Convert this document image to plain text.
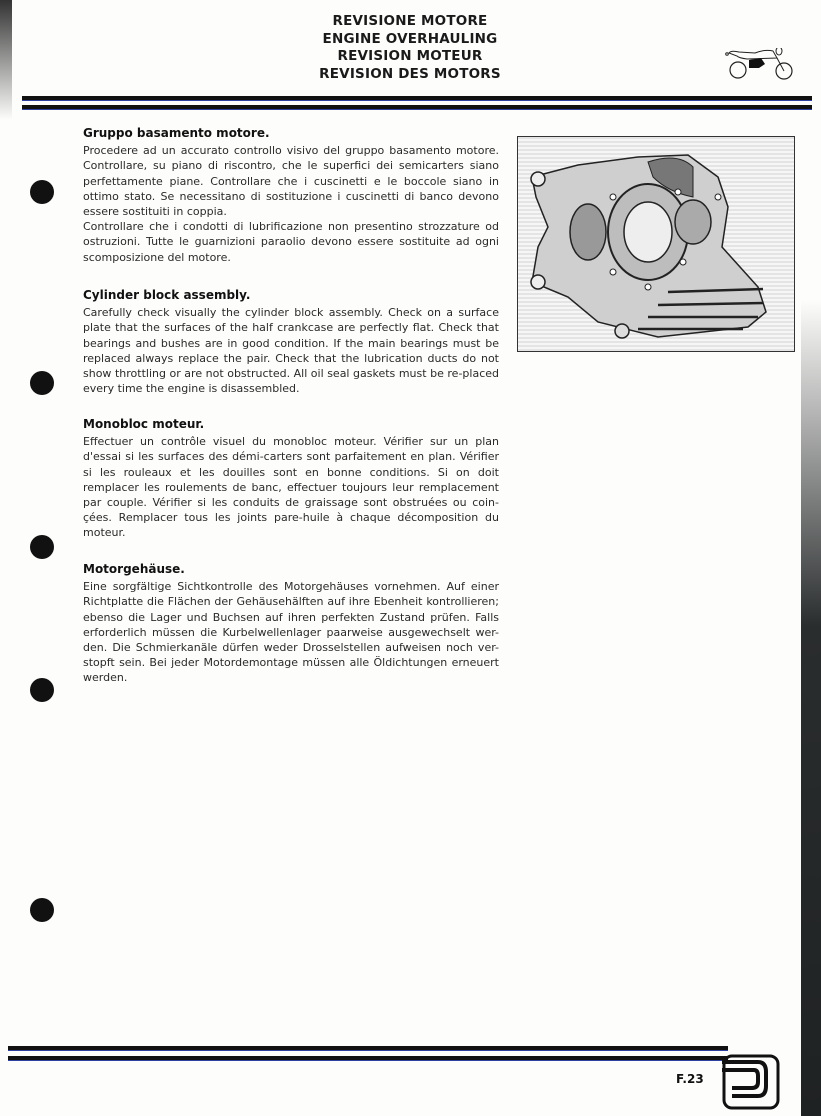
REVISIONE MOTORE
ENGINE OVERHAULING
REVISION MOTEUR
REVISION DES MOTORS
Gruppo basamento motore.

Procedere ad un accurato controllo visivo del gruppo basamento motore. Controllare, su piano di riscontro, che le superfici dei semicarters siano perfettamente piane. Controllare che i cuscinetti e le boccole siano in ottimo stato. Se necessitano di sostituzione i cuscinetti di banco devono essere sostituiti in coppia.

Controllare che i condotti di lubrificazione non presentino strozzature od ostruzioni. Tutte le guarnizioni paraolio devono essere sostituite ad ogni scomposizione del motore.

Cylinder block assembly.

Carefully check visually the cylinder block assembly. Check on a surface plate that the surfaces of the half crankcase are perfectly flat. Check that bearings and bushes are in good condition. If the main bearings must be replaced always replace the pair. Check that the lubrication ducts do not show throttling or are not obstructed. All oil seal gaskets must be re-placed every time the engine is disassembled.

Monobloc moteur.

Effectuer un contrôle visuel du monobloc moteur. Vérifier sur un plan d'essai si les surfaces des démi-carters sont parfaitement en plan. Vérifier si les rouleaux et les douilles sont en bonne conditions. Si on doit remplacer les roulements de banc, effectuer toujours leur remplacement par couple. Vérifier si les conduits de graissage sont obstruées ou coin-çées. Remplacer tous les joints pare-huile à chaque décomposition du moteur.

Motorgehäuse.

Eine sorgfältige Sichtkontrolle des Motorgehäuses vornehmen. Auf einer Richtplatte die Flächen der Gehäusehälften auf ihre Ebenheit kontrollieren; ebenso die Lager und Buchsen auf ihren perfekten Zustand prüfen. Falls erforderlich müssen die Kurbelwellenlager paarweise ausgewechselt wer-den. Die Schmierkanäle dürfen weder Drosselstellen aufweisen noch ver-stopft sein. Bei jeder Motordemontage müssen alle Öldichtungen erneuert werden.

F.23
